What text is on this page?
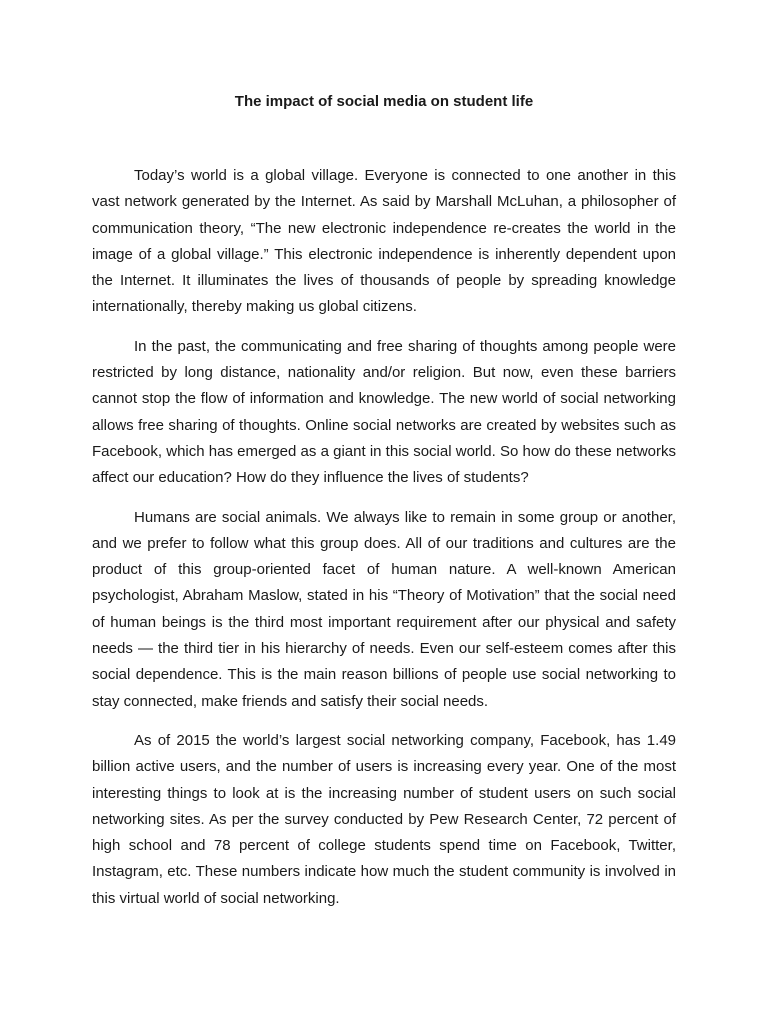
The impact of social media on student life

Today’s world is a global village. Everyone is connected to one another in this vast network generated by the Internet. As said by Marshall McLuhan, a philosopher of communication theory, “The new electronic independence re-creates the world in the image of a global village.” This electronic independence is inherently dependent upon the Internet. It illuminates the lives of thousands of people by spreading knowledge internationally, thereby making us global citizens.

In the past, the communicating and free sharing of thoughts among people were restricted by long distance, nationality and/or religion. But now, even these barriers cannot stop the flow of information and knowledge. The new world of social networking allows free sharing of thoughts. Online social networks are created by websites such as Facebook, which has emerged as a giant in this social world. So how do these networks affect our education? How do they influence the lives of students?

Humans are social animals. We always like to remain in some group or another, and we prefer to follow what this group does. All of our traditions and cultures are the product of this group-oriented facet of human nature. A well-known American psychologist, Abraham Maslow, stated in his “Theory of Motivation” that the social need of human beings is the third most important requirement after our physical and safety needs — the third tier in his hierarchy of needs. Even our self-esteem comes after this social dependence. This is the main reason billions of people use social networking to stay connected, make friends and satisfy their social needs.

As of 2015 the world’s largest social networking company, Facebook, has 1.49 billion active users, and the number of users is increasing every year. One of the most interesting things to look at is the increasing number of student users on such social networking sites. As per the survey conducted by Pew Research Center, 72 percent of high school and 78 percent of college students spend time on Facebook, Twitter, Instagram, etc. These numbers indicate how much the student community is involved in this virtual world of social networking.
